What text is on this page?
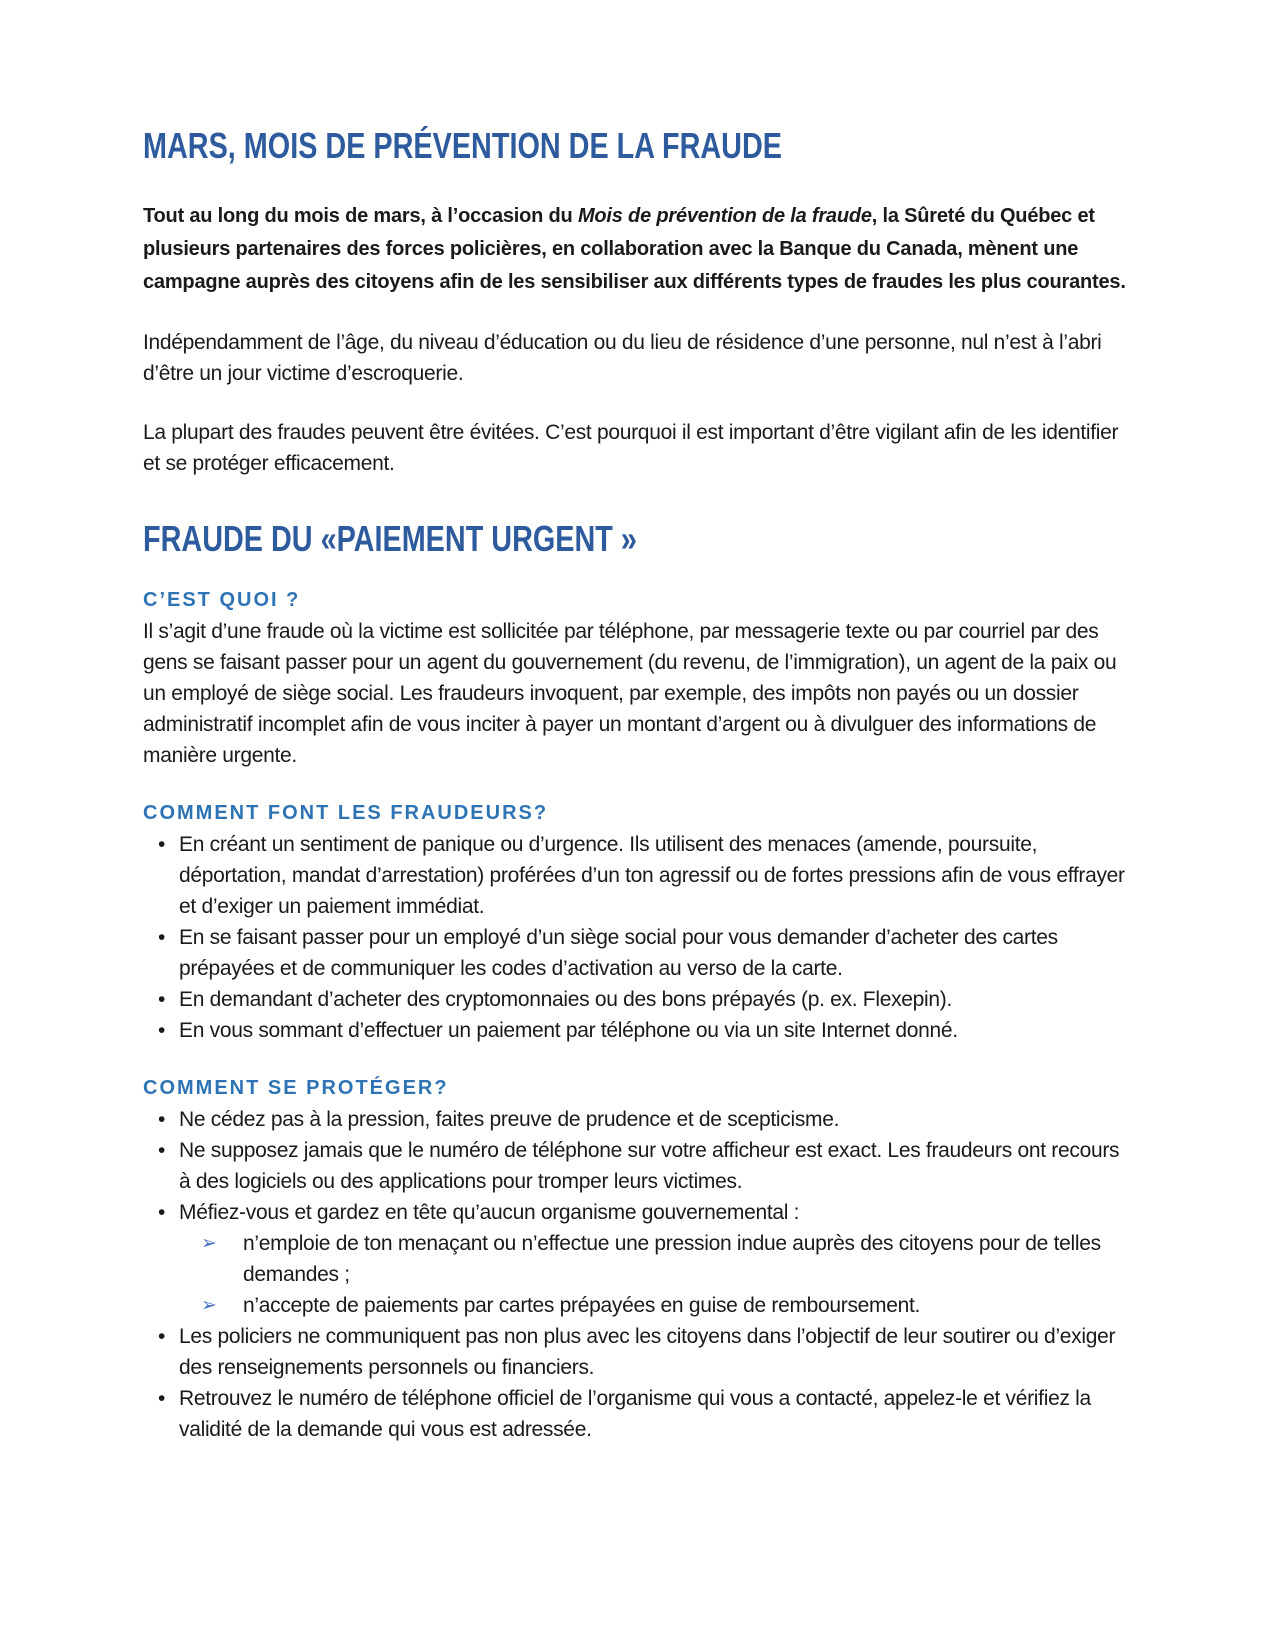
MARS, MOIS DE PRÉVENTION DE LA FRAUDE

Tout au long du mois de mars, à l’occasion du Mois de prévention de la fraude, la Sûreté du Québec et plusieurs partenaires des forces policières, en collaboration avec la Banque du Canada, mènent une campagne auprès des citoyens afin de les sensibiliser aux différents types de fraudes les plus courantes.

Indépendamment de l’âge, du niveau d’éducation ou du lieu de résidence d’une personne, nul n’est à l’abri d’être un jour victime d’escroquerie.

La plupart des fraudes peuvent être évitées. C’est pourquoi il est important d’être vigilant afin de les identifier et se protéger efficacement.

FRAUDE DU «PAIEMENT URGENT »
C’EST QUOI ?

Il s’agit d’une fraude où la victime est sollicitée par téléphone, par messagerie texte ou par courriel par des gens se faisant passer pour un agent du gouvernement (du revenu, de l’immigration), un agent de la paix ou un employé de siège social. Les fraudeurs invoquent, par exemple, des impôts non payés ou un dossier administratif incomplet afin de vous inciter à payer un montant d’argent ou à divulguer des informations de manière urgente.

COMMENT FONT LES FRAUDEURS?
• En créant un sentiment de panique ou d’urgence. Ils utilisent des menaces (amende, poursuite, déportation, mandat d’arrestation) proférées d’un ton agressif ou de fortes pressions afin de vous effrayer et d’exiger un paiement immédiat.
• En se faisant passer pour un employé d’un siège social pour vous demander d’acheter des cartes prépayées et de communiquer les codes d’activation au verso de la carte.
• En demandant d’acheter des cryptomonnaies ou des bons prépayés (p. ex. Flexepin).
• En vous sommant d’effectuer un paiement par téléphone ou via un site Internet donné.
COMMENT SE PROTÉGER?
• Ne cédez pas à la pression, faites preuve de prudence et de scepticisme.
• Ne supposez jamais que le numéro de téléphone sur votre afficheur est exact. Les fraudeurs ont recours à des logiciels ou des applications pour tromper leurs victimes.
• Méfiez-vous et gardez en tête qu’aucun organisme gouvernemental :
➢ n’emploie de ton menaçant ou n’effectue une pression indue auprès des citoyens pour de telles demandes ;
➢ n’accepte de paiements par cartes prépayées en guise de remboursement.
• Les policiers ne communiquent pas non plus avec les citoyens dans l’objectif de leur soutirer ou d’exiger des renseignements personnels ou financiers.
• Retrouvez le numéro de téléphone officiel de l’organisme qui vous a contacté, appelez-le et vérifiez la validité de la demande qui vous est adressée.
